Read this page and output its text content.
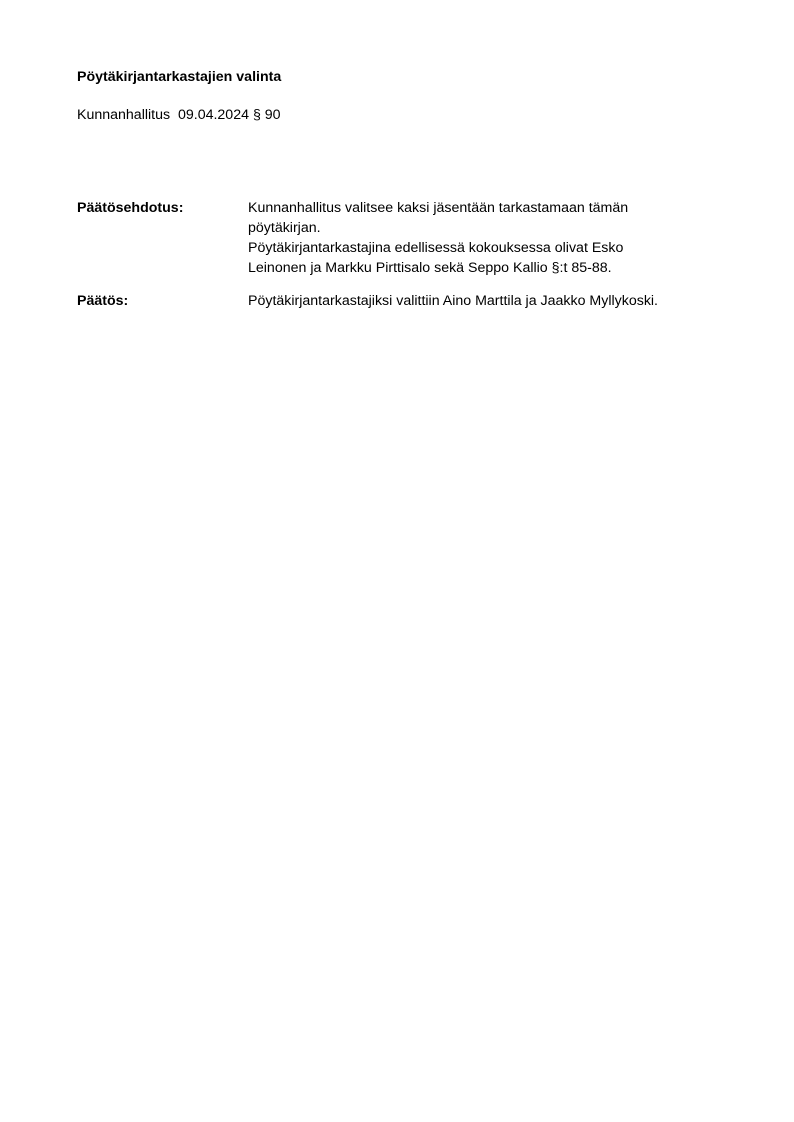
Pöytäkirjantarkastajien valinta
Kunnanhallitus 09.04.2024 § 90
Päätösehdotus:	Kunnanhallitus valitsee kaksi jäsentään tarkastamaan tämän

pöytäkirjan.

Pöytäkirjantarkastajina edellisessä kokouksessa olivat Esko

Leinonen ja Markku Pirttisalo sekä Seppo Kallio §:t 85-88.

Päätös:	Pöytäkirjantarkastajiksi valittiin Aino Marttila ja Jaakko Myllykoski.
